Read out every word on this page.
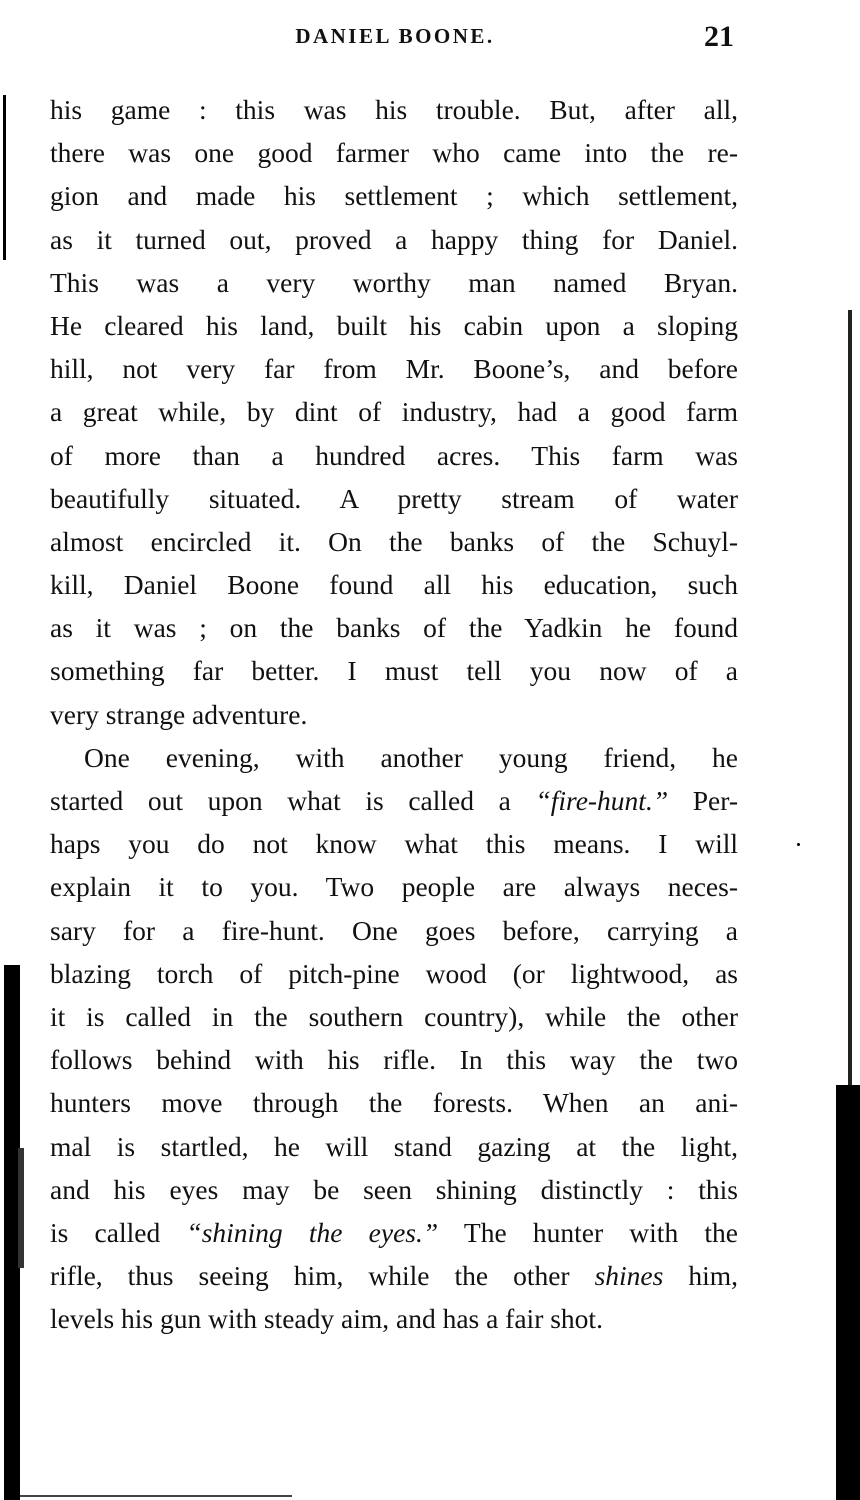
DANIEL BOONE.	21
his game : this was his trouble. But, after all,
there was one good farmer who came into the re-
gion and made his settlement ; which settlement,
as it turned out, proved a happy thing for Daniel.
This was a very worthy man named Bryan.
He cleared his land, built his cabin upon a sloping
hill, not very far from Mr. Boone’s, and before
a great while, by dint of industry, had a good farm
of more than a hundred acres. This farm was
beautifully situated. A pretty stream of water
almost encircled it. On the banks of the Schuyl-
kill, Daniel Boone found all his education, such
as it was ; on the banks of the Yadkin he found
something far better. I must tell you now of a
very strange adventure.
One evening, with another young friend, he
started out upon what is called a “fire-hunt.” Per-
haps you do not know what this means. I will
explain it to you. Two people are always neces-
sary for a fire-hunt. One goes before, carrying a
blazing torch of pitch-pine wood (or lightwood, as
it is called in the southern country), while the other
follows behind with his rifle. In this way the two
hunters move through the forests. When an ani-
mal is startled, he will stand gazing at the light,
and his eyes may be seen shining distinctly : this
is called “shining the eyes.” The hunter with the
rifle, thus seeing him, while the other shines him,
levels his gun with steady aim, and has a fair shot.
